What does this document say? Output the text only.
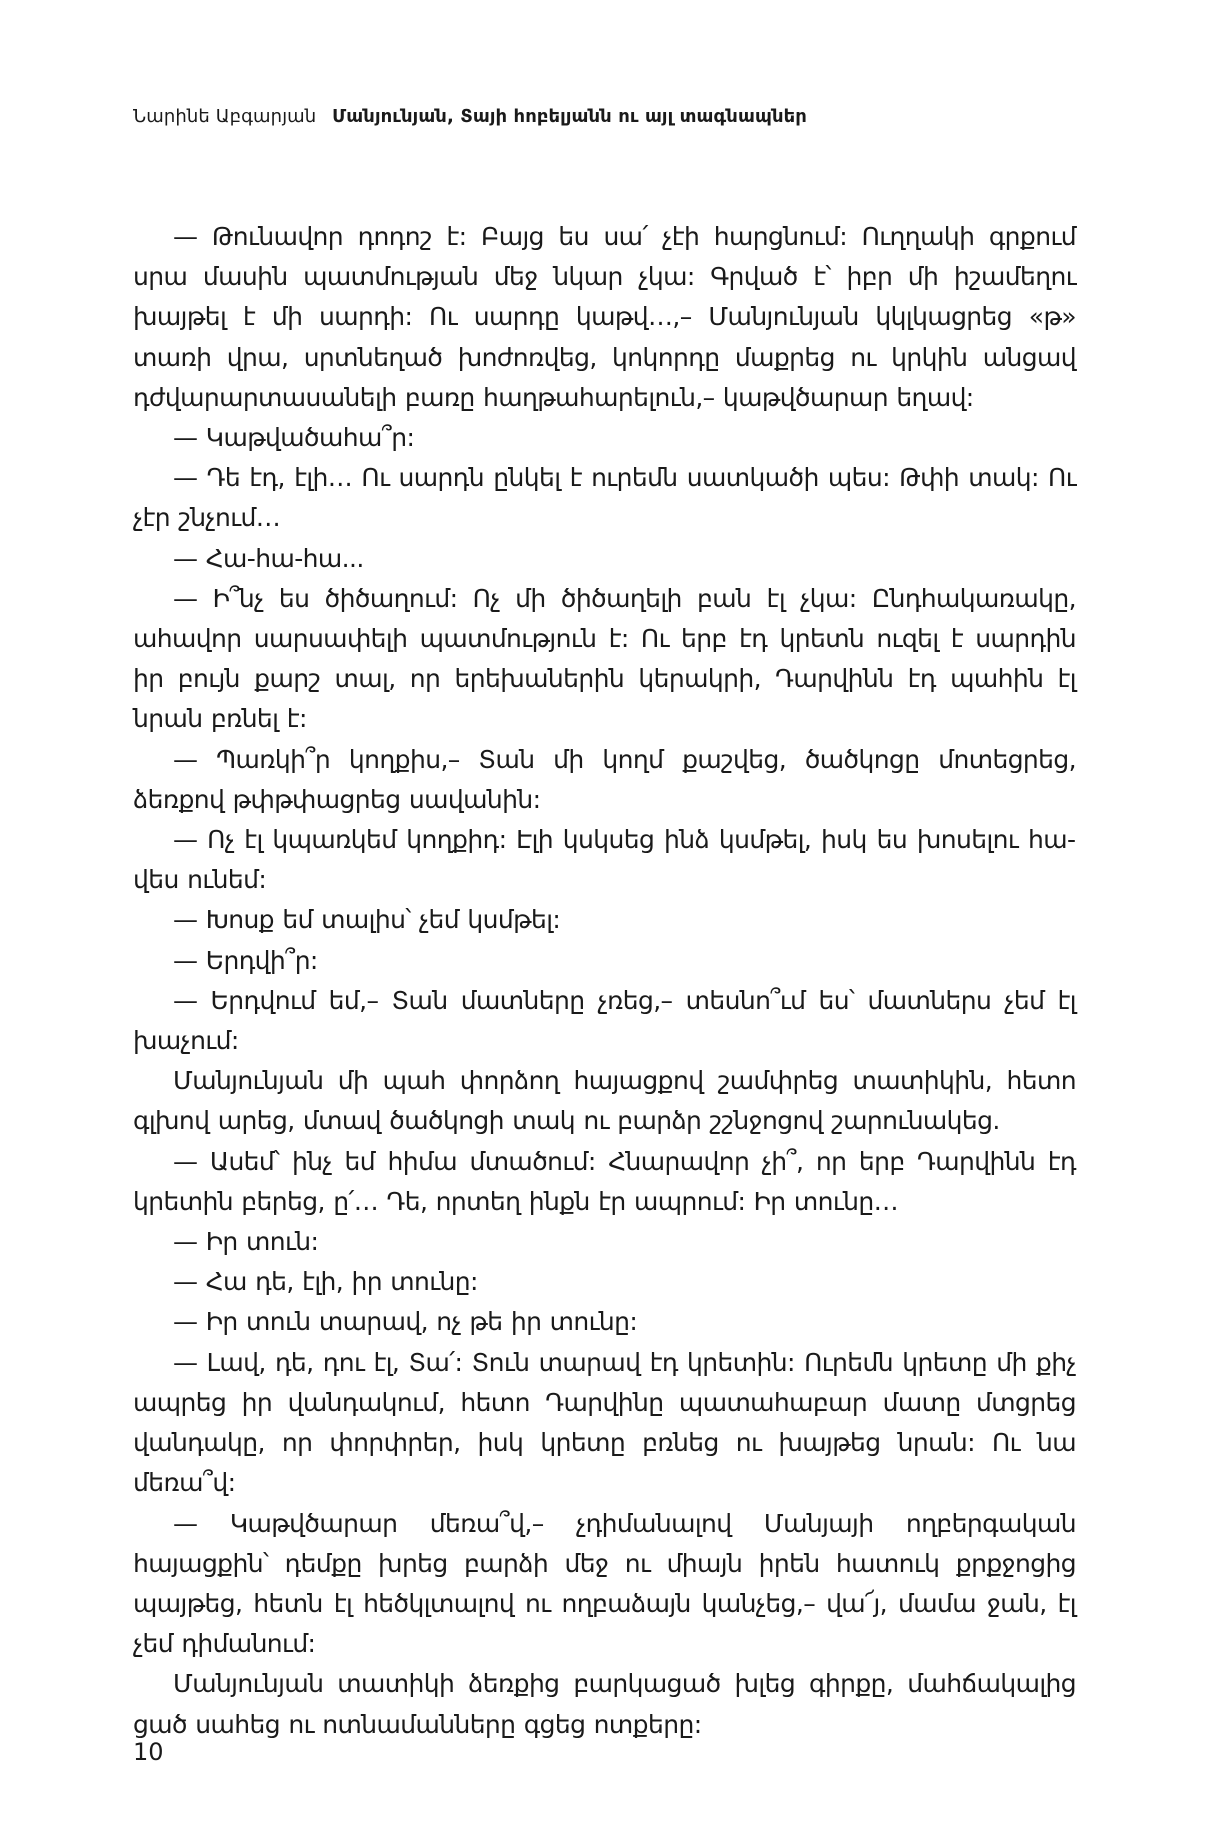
Նարինե Աբգարյան Մանյունյան, Տայի հոբելյանն ու այլ տագնապներ

— Թունավոր դոդոշ է: Բայց ես սա՛ չէի հարցնում: Ուղղակի գրքում սրա մասին պատմության մեջ նկար չկա: Գրված է՝ իբր մի իշամեղու խայթել է մի սարդի: Ու սարդը կաթվ…,– Մանյունյան կկլկացրեց «թ» տառի վրա, սրտնեղած խոժոռվեց, կոկորդը մաքրեց ու կրկին անցավ դժվարարտասանելի բառը հաղթահարելուն,– կաթվծարար եղավ:

— Կաթվածահա՞ր:

— Դե էդ, էլի… Ու սարդն ընկել է ուրեմն սատկածի պես: Թփի տակ: Ու չէր շնչում…

— Հա-հա-հա...

— Ի՞նչ ես ծիծաղում: Ոչ մի ծիծաղելի բան էլ չկա: Ընդհակառակը, ահավոր սարսափելի պատմություն է: Ու երբ էդ կրետն ուզել է սարդին իր բույն քարշ տալ, որ երեխաներին կերակրի, Դարվինն էդ պահին էլ նրան բռնել է:

— Պառկի՞ր կողքիս,– Տան մի կողմ քաշվեց, ծածկոցը մոտեցրեց, ձեռքով թփթփացրեց սավանին:

— Ոչ էլ կպառկեմ կողքիդ: Էլի կսկսեց ինձ կսմթել, իսկ ես խոսելու հավես ունեմ:

— Խոսք եմ տալիս՝ չեմ կսմթել:

— Երդվի՞ր:

— Երդվում եմ,– Տան մատները չռեց,– տեսնո՞ւմ ես՝ մատներս չեմ էլ խաչում:

Մանյունյան մի պահ փորձող հայացքով շամփրեց տատիկին, հետո գլխով արեց, մտավ ծածկոցի տակ ու բարձր շշնջոցով շարունակեց.

— Ասեմ՝ ինչ եմ հիմա մտածում: Հնարավոր չի՞, որ երբ Դարվինն էդ կրետին բերեց, ը՛… Դե, որտեղ ինքն էր ապրում: Իր տունը…

— Իր տուն:

— Հա դե, էլի, իր տունը:

— Իր տուն տարավ, ոչ թե իր տունը:

— Լավ, դե, դու էլ, Տա՛: Տուն տարավ էդ կրետին: Ուրեմն կրետը մի քիչ ապրեց իր վանդակում, հետո Դարվինը պատահաբար մատը մտցրեց վանդակը, որ փորփրեր, իսկ կրետը բռնեց ու խայթեց նրան: Ու նա մեռա՞վ:

— Կաթվծարար մեռա՞վ,– չդիմանալով Մանյայի ողբերգական հայացքին՝ դեմքը խրեց բարձի մեջ ու միայն իրեն հատուկ քրքջոցից պայթեց, հետն էլ հեծկլտալով ու ողբաձայն կանչեց,– վա՜յ, մամա ջան, էլ չեմ դիմանում:

Մանյունյան տատիկի ձեռքից բարկացած խլեց գիրքը, մահճակալից ցած սահեց ու ոտնամանները գցեց ոտքերը:

10
